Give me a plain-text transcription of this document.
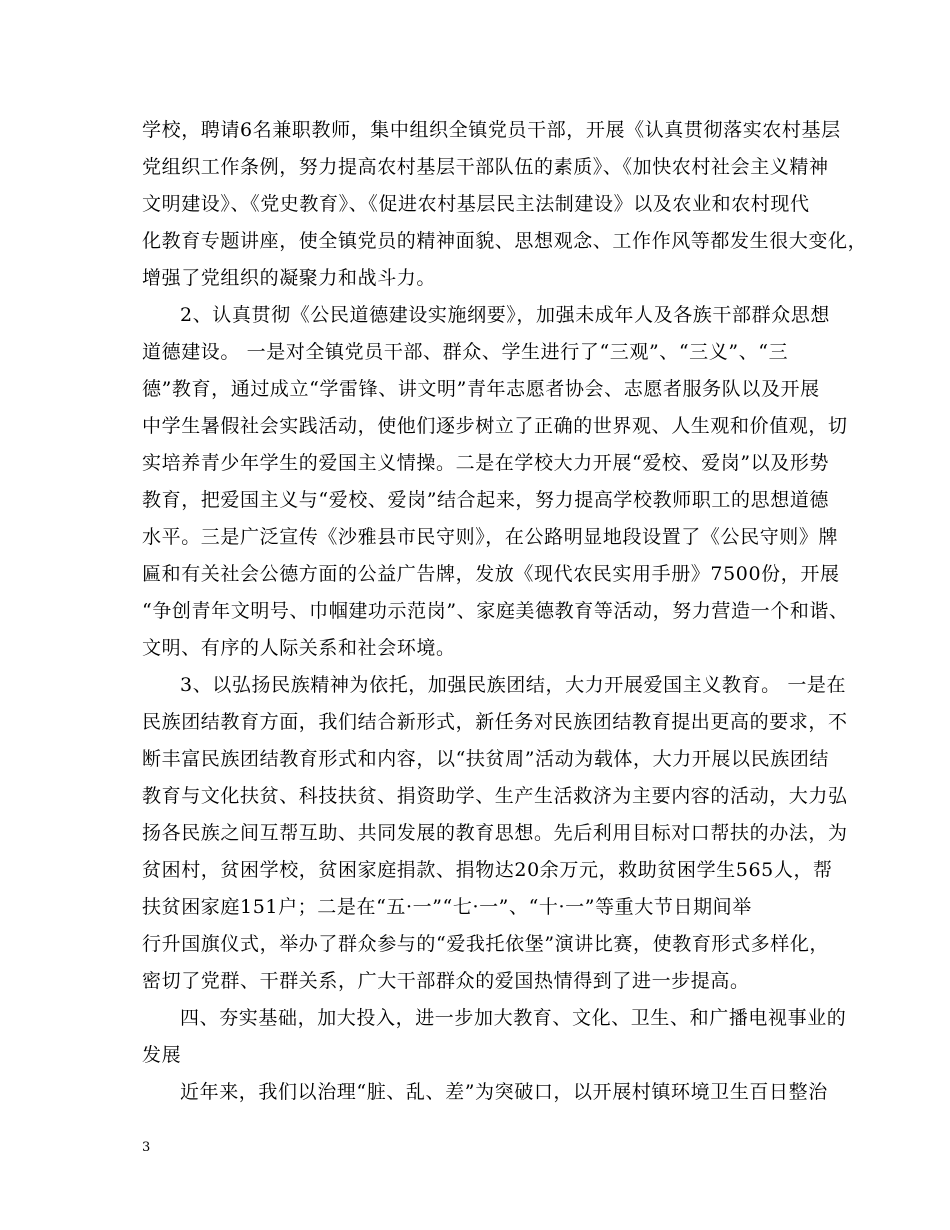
学校，聘请6名兼职教师，集中组织全镇党员干部，开展《认真贯彻落实农村基层
党组织工作条例，努力提高农村基层干部队伍的素质》、《加快农村社会主义精神
文明建设》、《党史教育》、《促进农村基层民主法制建设》以及农业和农村现代
化教育专题讲座，使全镇党员的精神面貌、思想观念、工作作风等都发生很大变化，
增强了党组织的凝聚力和战斗力。
2、认真贯彻《公民道德建设实施纲要》，加强未成年人及各族干部群众思想
道德建设。 一是对全镇党员干部、群众、学生进行了“三观”、“三义”、“三
德”教育，通过成立“学雷锋、讲文明”青年志愿者协会、志愿者服务队以及开展
中学生暑假社会实践活动，使他们逐步树立了正确的世界观、人生观和价值观，切
实培养青少年学生的爱国主义情操。二是在学校大力开展“爱校、爱岗”以及形势
教育，把爱国主义与“爱校、爱岗”结合起来，努力提高学校教师职工的思想道德
水平。三是广泛宣传《沙雅县市民守则》，在公路明显地段设置了《公民守则》牌
匾和有关社会公德方面的公益广告牌，发放《现代农民实用手册》7500份，开展
“争创青年文明号、巾帼建功示范岗”、家庭美德教育等活动，努力营造一个和谐、
文明、有序的人际关系和社会环境。
3、以弘扬民族精神为依托，加强民族团结，大力开展爱国主义教育。 一是在
民族团结教育方面，我们结合新形式，新任务对民族团结教育提出更高的要求，不
断丰富民族团结教育形式和内容，以“扶贫周”活动为载体，大力开展以民族团结
教育与文化扶贫、科技扶贫、捐资助学、生产生活救济为主要内容的活动，大力弘
扬各民族之间互帮互助、共同发展的教育思想。先后利用目标对口帮扶的办法，为
贫困村，贫困学校，贫困家庭捐款、捐物达20余万元，救助贫困学生565人，帮
扶贫困家庭151户；二是在“五·一”“七·一”、“十·一”等重大节日期间举
行升国旗仪式，举办了群众参与的“爱我托依堡”演讲比赛，使教育形式多样化，
密切了党群、干群关系，广大干部群众的爱国热情得到了进一步提高。
四、夯实基础，加大投入，进一步加大教育、文化、卫生、和广播电视事业的
发展
近年来，我们以治理“脏、乱、差”为突破口，以开展村镇环境卫生百日整治
3
